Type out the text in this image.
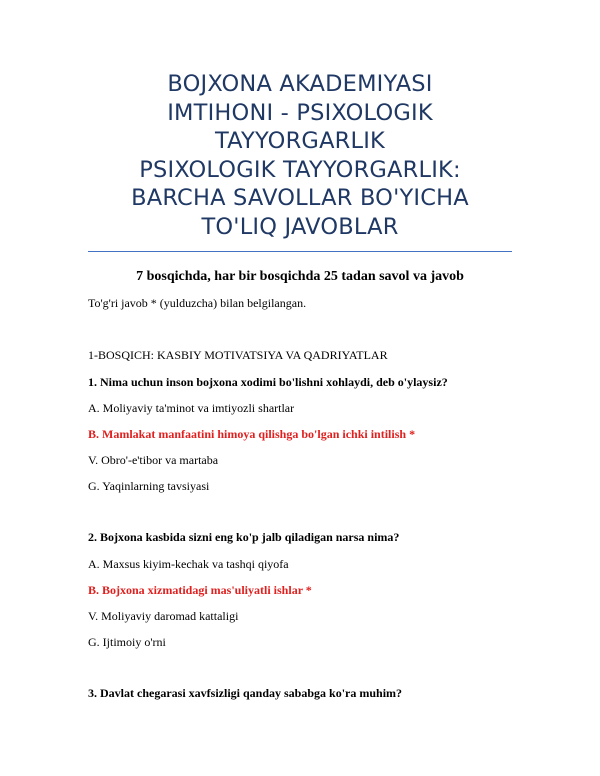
BOJXONA AKADEMIYASI
IMTIHONI - PSIXOLOGIK
TAYYORGARLIK
PSIXOLOGIK TAYYORGARLIK:
BARCHA SAVOLLAR BO'YICHA
TO'LIQ JAVOBLAR
7 bosqichda, har bir bosqichda 25 tadan savol va javob
To'g'ri javob * (yulduzcha) bilan belgilangan.
1-BOSQICH: KASBIY MOTIVATSIYA VA QADRIYATLAR
1. Nima uchun inson bojxona xodimi bo'lishni xohlaydi, deb o'ylaysiz?
A. Moliyaviy ta'minot va imtiyozli shartlar
B. Mamlakat manfaatini himoya qilishga bo'lgan ichki intilish *
V. Obro'-e'tibor va martaba
G. Yaqinlarning tavsiyasi
2. Bojxona kasbida sizni eng ko'p jalb qiladigan narsa nima?
A. Maxsus kiyim-kechak va tashqi qiyofa
B. Bojxona xizmatidagi mas'uliyatli ishlar *
V. Moliyaviy daromad kattaligi
G. Ijtimoiy o'rni
3. Davlat chegarasi xavfsizligi qanday sababga ko'ra muhim?
